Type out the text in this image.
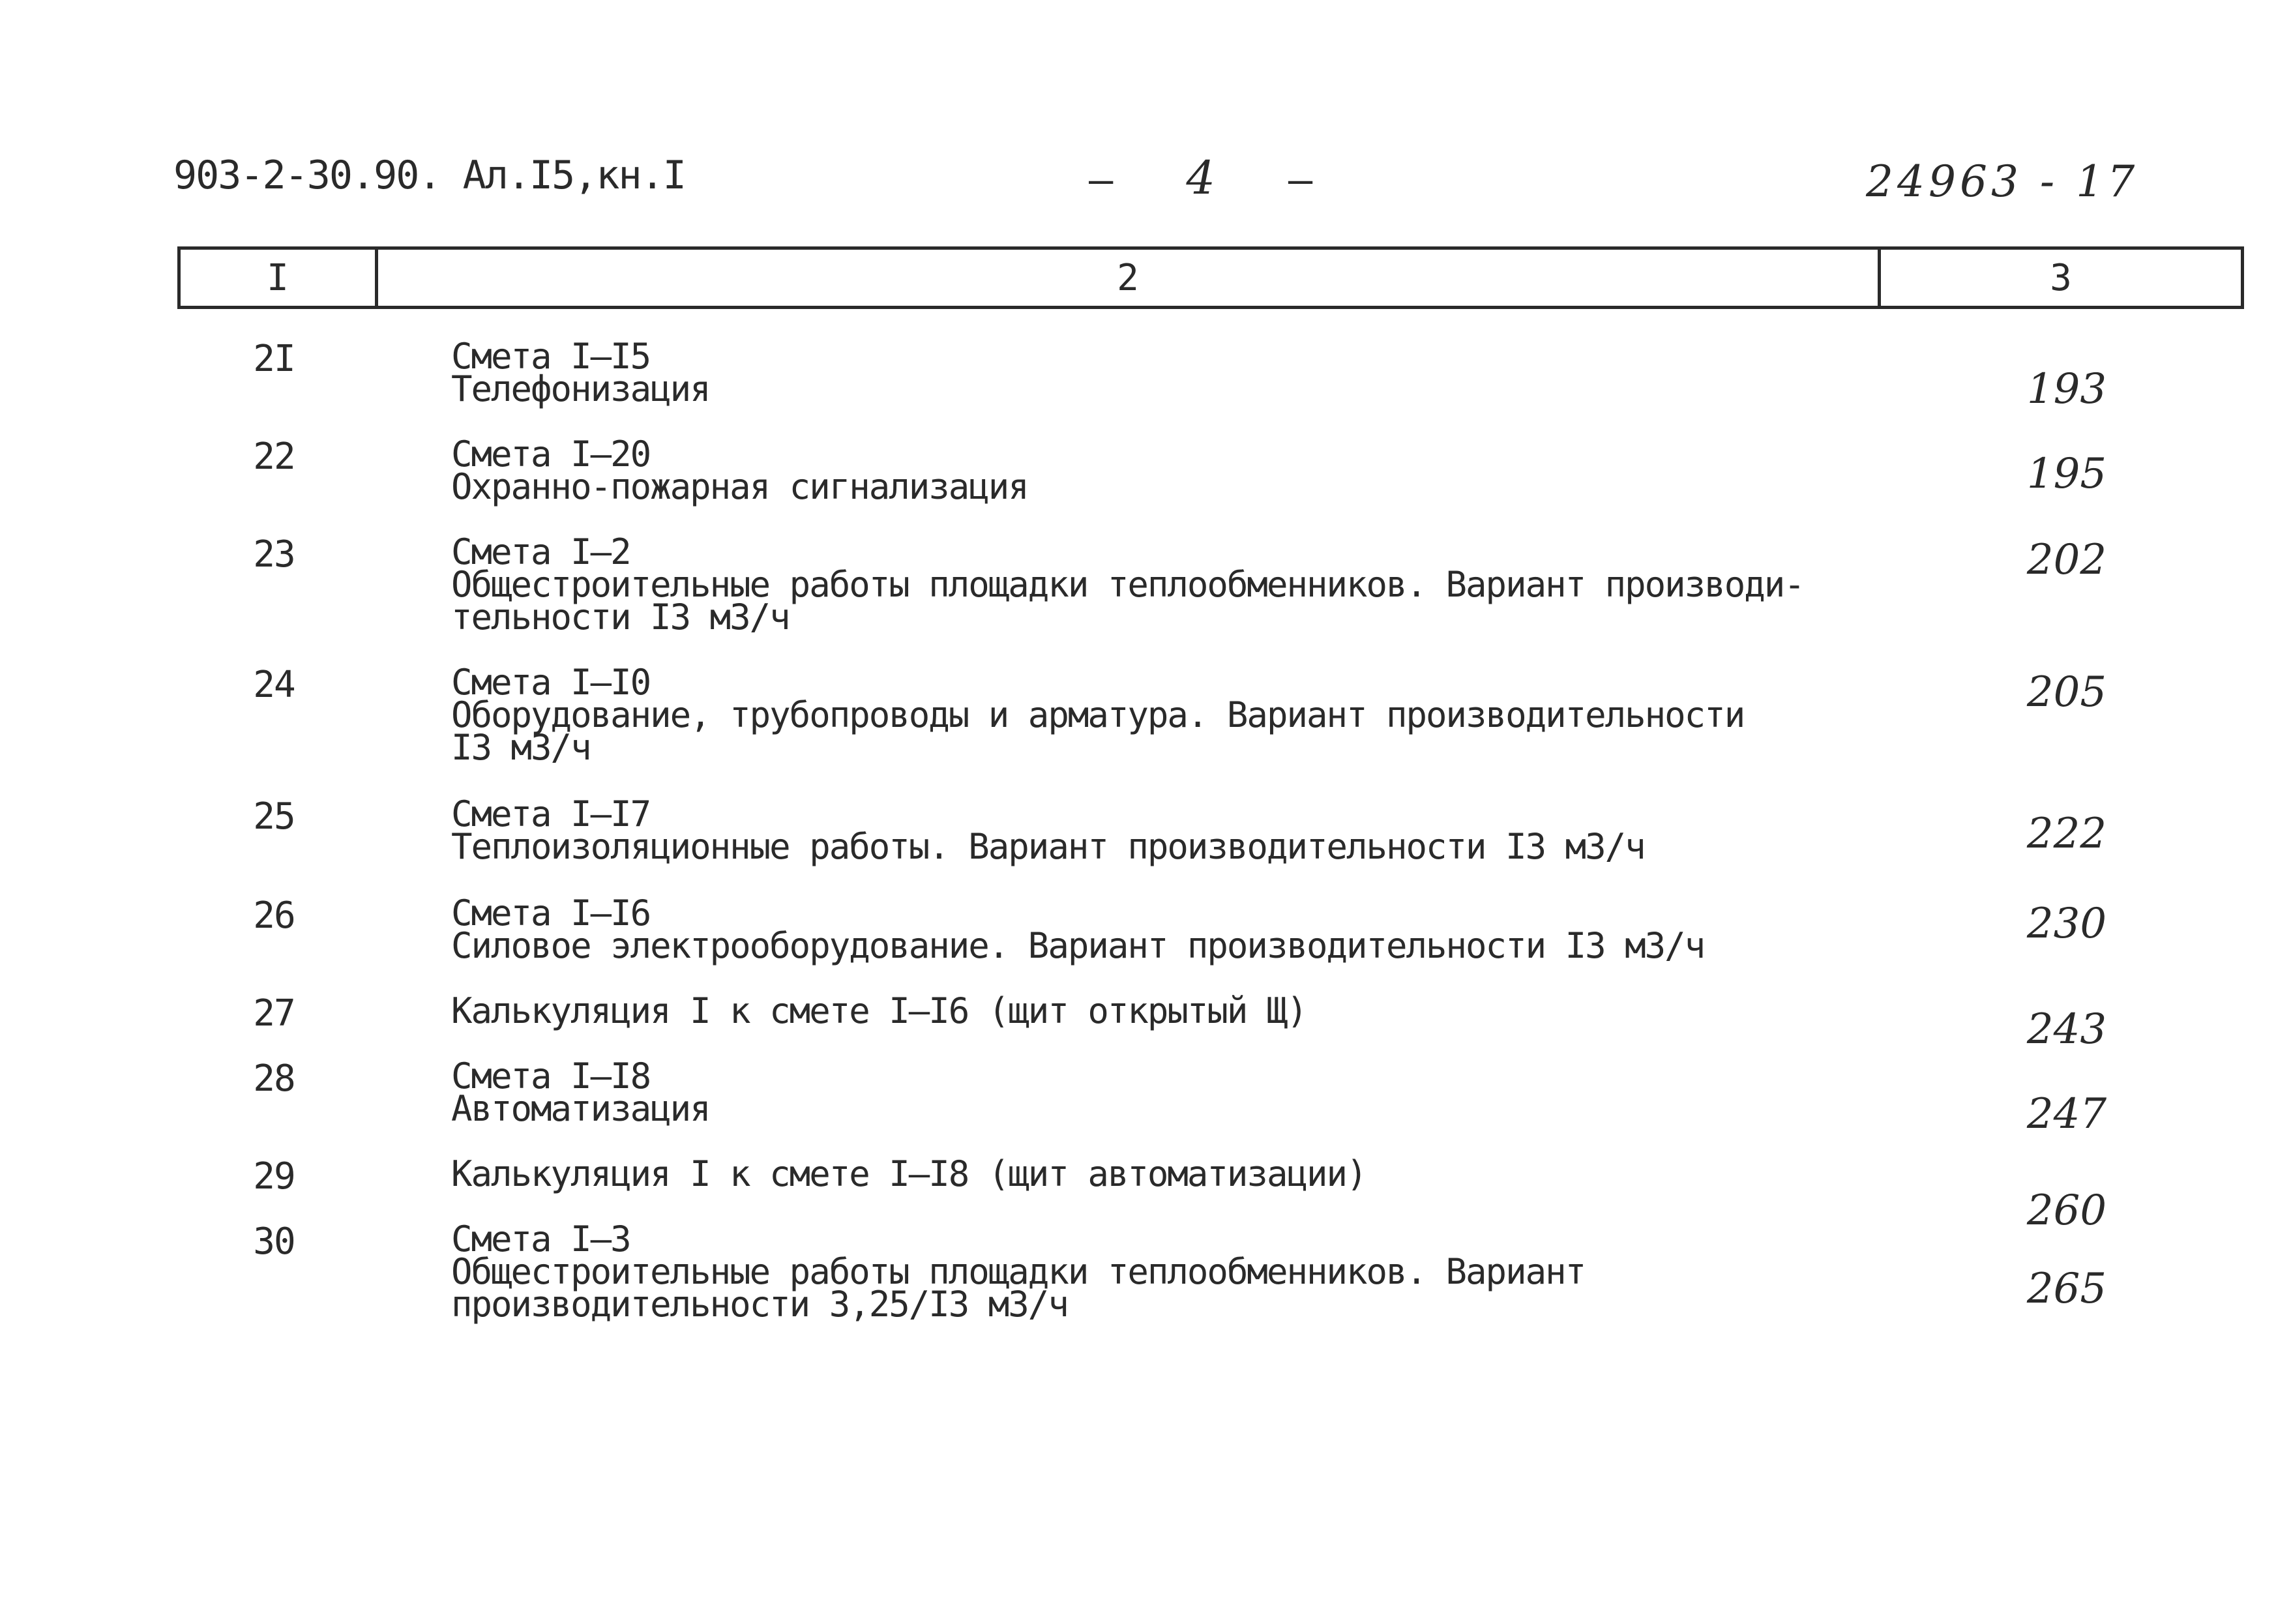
903-2-30.90. Ал.I5,кн.I	– 4 –	24963 - 17
I	2	3
2I	Смета I–I5
Телефонизация	193
22	Смета I–20
Охранно-пожарная сигнализация	195
23	Смета I–2
Общестроительные работы площадки теплообменников. Вариант производи-
тельности I3 м3/ч
202
24	Смета I–I0
Оборудование, трубопроводы и арматура. Вариант производительности
I3 м3/ч
205
25	Смета I–I7
Теплоизоляционные работы. Вариант производительности I3 м3/ч	222
26	Смета I–I6
Силовое электрооборудование. Вариант производительности I3 м3/ч	230
27	Калькуляция I к смете I–I6 (щит открытый Щ)	243
28	Смета I–I8
Автоматизация	247
29	Калькуляция I к смете I–I8 (щит автоматизации)
260
30	Смета I–3
Общестроительные работы площадки теплообменников. Вариант
производительности 3,25/I3 м3/ч	265
